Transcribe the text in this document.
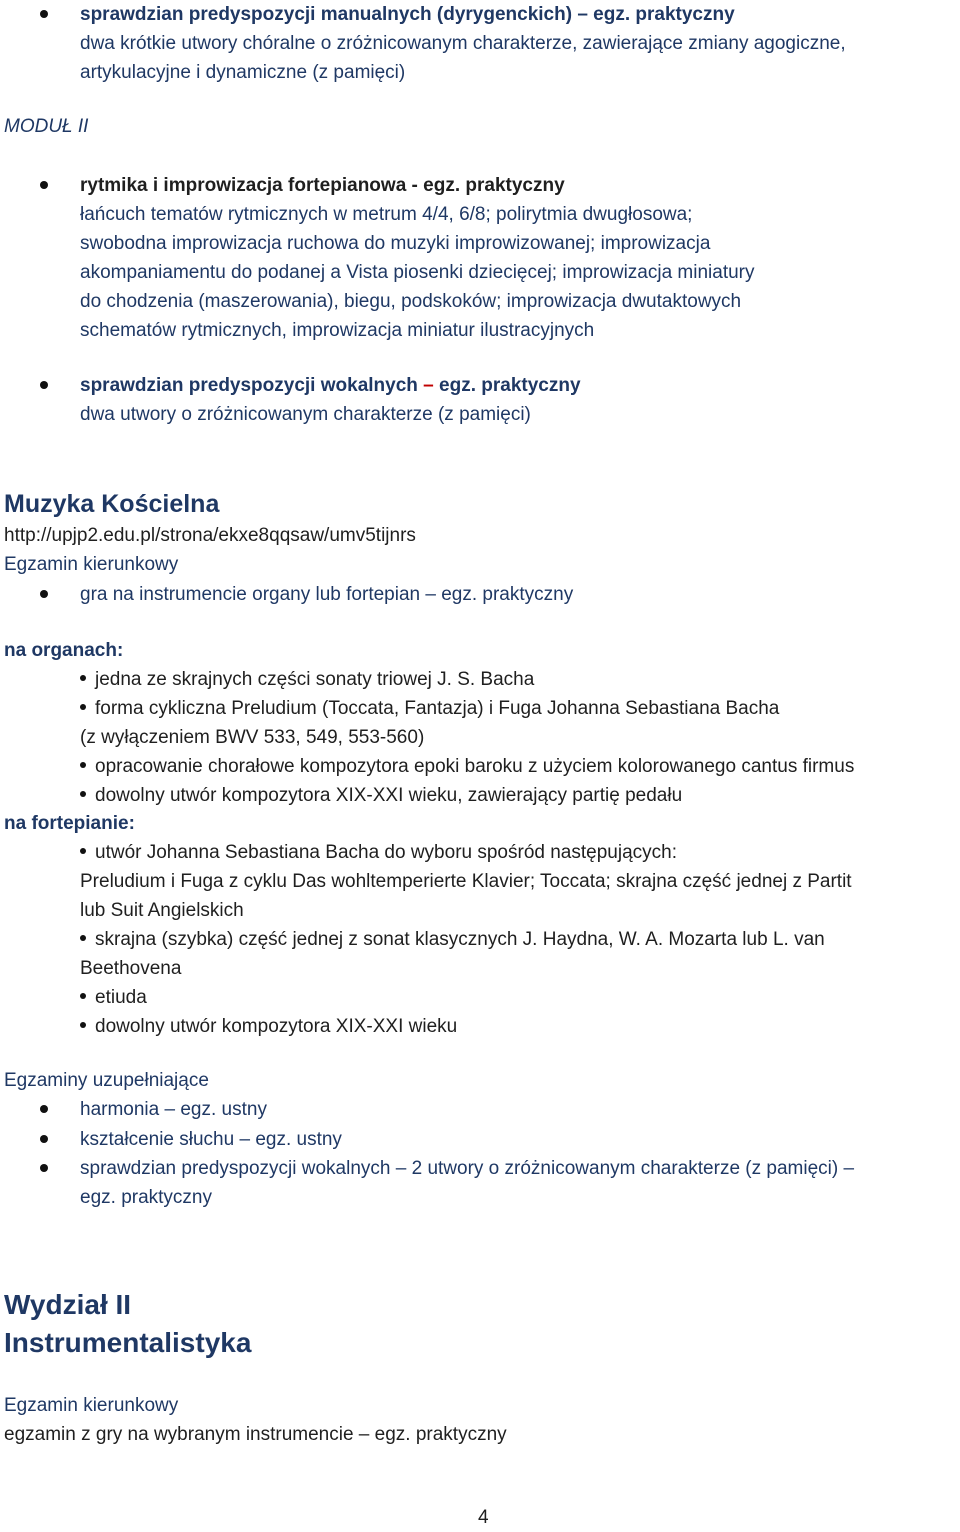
sprawdzian predyspozycji manualnych (dyrygenckich) – egz. praktyczny
dwa krótkie utwory chóralne o zróżnicowanym charakterze, zawierające zmiany agogiczne,
artykulacyjne i dynamiczne (z pamięci)
MODUŁ II
rytmika i improwizacja fortepianowa - egz. praktyczny
łańcuch tematów rytmicznych w metrum 4/4, 6/8; polirytmia dwugłosowa;
swobodna improwizacja ruchowa do muzyki improwizowanej; improwizacja
akompaniamentu do podanej a Vista piosenki dziecięcej; improwizacja miniatury
do chodzenia (maszerowania), biegu, podskoków; improwizacja dwutaktowych
schematów rytmicznych, improwizacja miniatur ilustracyjnych
sprawdzian predyspozycji wokalnych – egz. praktyczny
dwa utwory o zróżnicowanym charakterze (z pamięci)
Muzyka Kościelna
http://upjp2.edu.pl/strona/ekxe8qqsaw/umv5tijnrs
Egzamin kierunkowy
gra na instrumencie organy lub fortepian – egz. praktyczny
na organach:
jedna ze skrajnych części sonaty triowej J. S. Bacha
forma cykliczna Preludium (Toccata, Fantazja) i Fuga Johanna Sebastiana Bacha
(z wyłączeniem BWV 533, 549, 553-560)
opracowanie chorałowe kompozytora epoki baroku z użyciem kolorowanego cantus firmus
dowolny utwór kompozytora XIX-XXI wieku, zawierający partię pedału
na fortepianie:
utwór Johanna Sebastiana Bacha do wyboru spośród następujących:
Preludium i Fuga z cyklu Das wohltemperierte Klavier; Toccata; skrajna część jednej z Partit
lub Suit Angielskich
skrajna (szybka) część jednej z sonat klasycznych J. Haydna, W. A. Mozarta lub L. van
Beethovena
etiuda
dowolny utwór kompozytora XIX-XXI wieku
Egzaminy uzupełniające
harmonia – egz. ustny
kształcenie słuchu – egz. ustny
sprawdzian predyspozycji wokalnych – 2 utwory o zróżnicowanym charakterze (z pamięci) –
egz. praktyczny
Wydział II
Instrumentalistyka
Egzamin kierunkowy
egzamin z gry na wybranym instrumencie – egz. praktyczny
4
